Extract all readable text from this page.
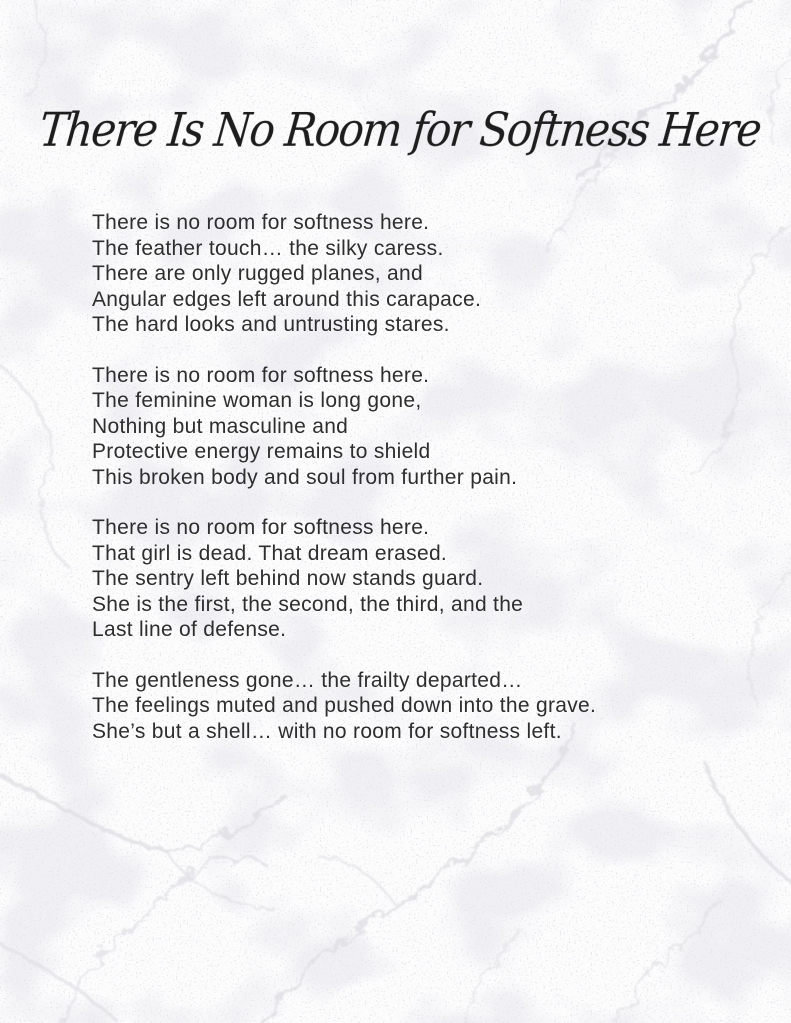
There Is No Room for Softness Here
There is no room for softness here.
The feather touch… the silky caress.
There are only rugged planes, and
Angular edges left around this carapace.
The hard looks and untrusting stares.
There is no room for softness here.
The feminine woman is long gone,
Nothing but masculine and
Protective energy remains to shield
This broken body and soul from further pain.
There is no room for softness here.
That girl is dead. That dream erased.
The sentry left behind now stands guard.
She is the first, the second, the third, and the
Last line of defense.
The gentleness gone… the frailty departed…
The feelings muted and pushed down into the grave.
She’s but a shell… with no room for softness left.
